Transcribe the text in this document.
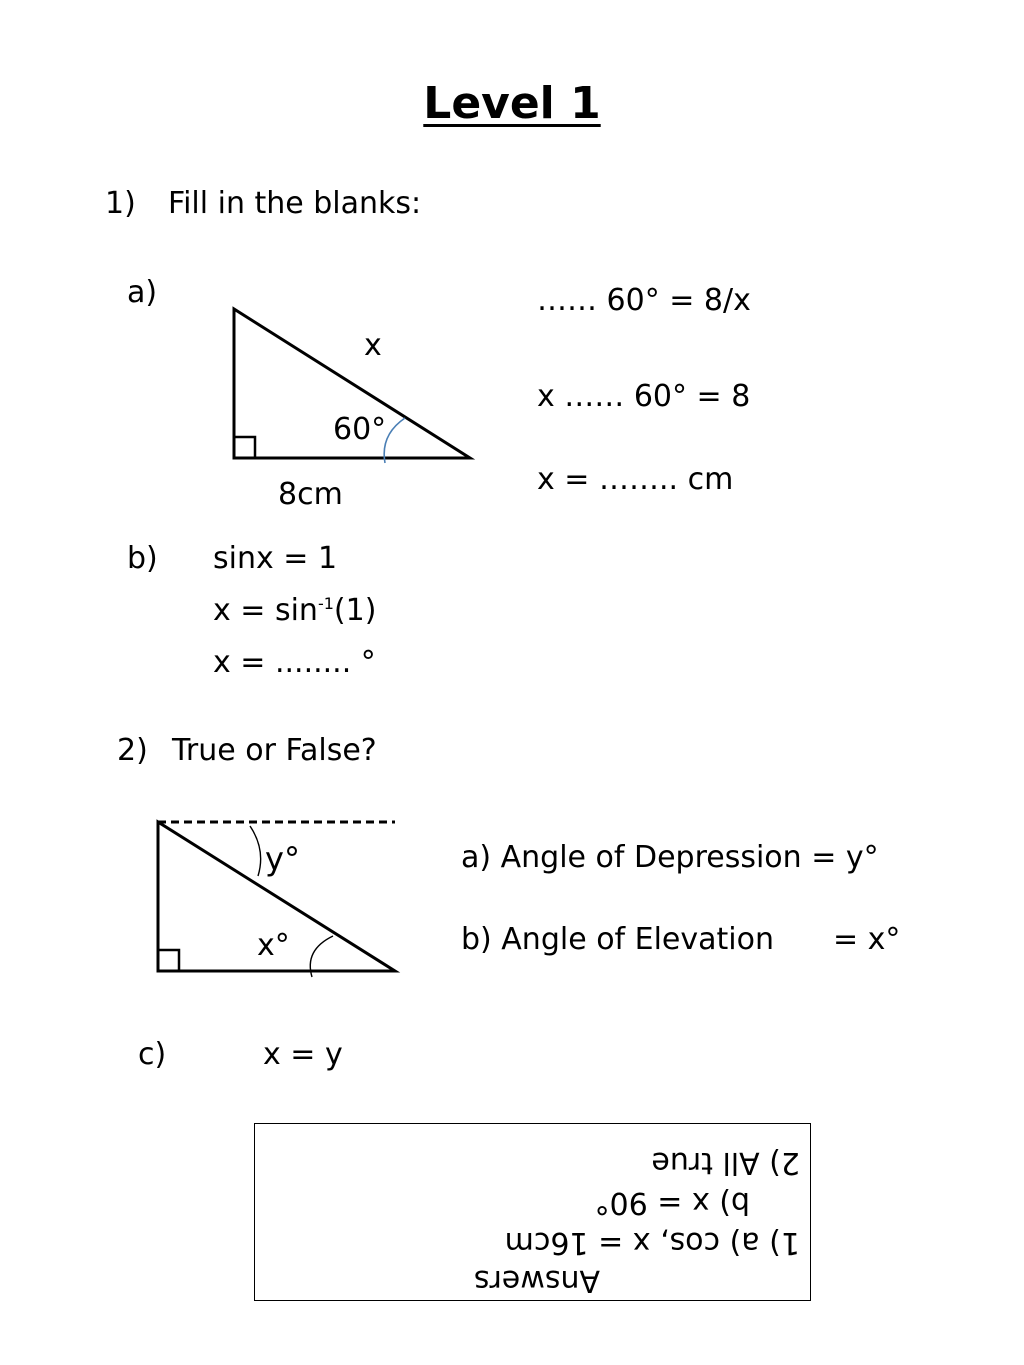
Level 1
1) Fill in the blanks:
a)
x
60°
8cm
…… 60° = 8/x
x …… 60° = 8
x = …….. cm
b) sinx = 1
$x = \sin^{-1}(1)$
x = ........ °
2) True or False?
y°
x°
a) Angle of Depression = y°
b) Angle of Elevation = x°
c)	x = y
Answers
1) a) cos, x = 16cm
b) x = 90°
2) All true
